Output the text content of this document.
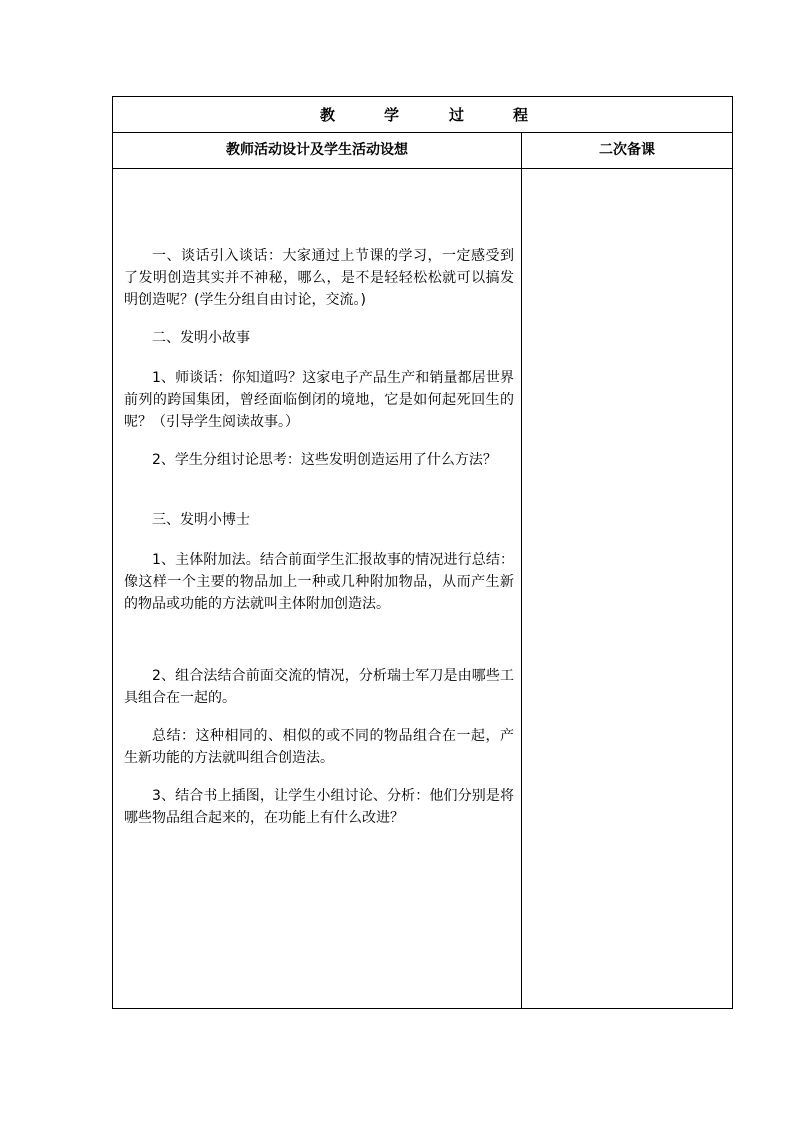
教	学	过	程
教师活动设计及学生活动设想	二次备课

一、谈话引入谈话：大家通过上节课的学习，一定感受到了发明创造其实并不神秘，哪么，是不是轻轻松松就可以搞发明创造呢？(学生分组自由讨论，交流。)

二、发明小故事

1、师谈话：你知道吗？这家电子产品生产和销量都居世界前列的跨国集团，曾经面临倒闭的境地，它是如何起死回生的呢？（引导学生阅读故事。）

2、学生分组讨论思考：这些发明创造运用了什么方法？

三、发明小博士

1、主体附加法。结合前面学生汇报故事的情况进行总结：像这样一个主要的物品加上一种或几种附加物品，从而产生新的物品或功能的方法就叫主体附加创造法。

2、组合法结合前面交流的情况，分析瑞士军刀是由哪些工具组合在一起的。

总结：这种相同的、相似的或不同的物品组合在一起，产生新功能的方法就叫组合创造法。

3、结合书上插图，让学生小组讨论、分析：他们分别是将哪些物品组合起来的，在功能上有什么改进？
